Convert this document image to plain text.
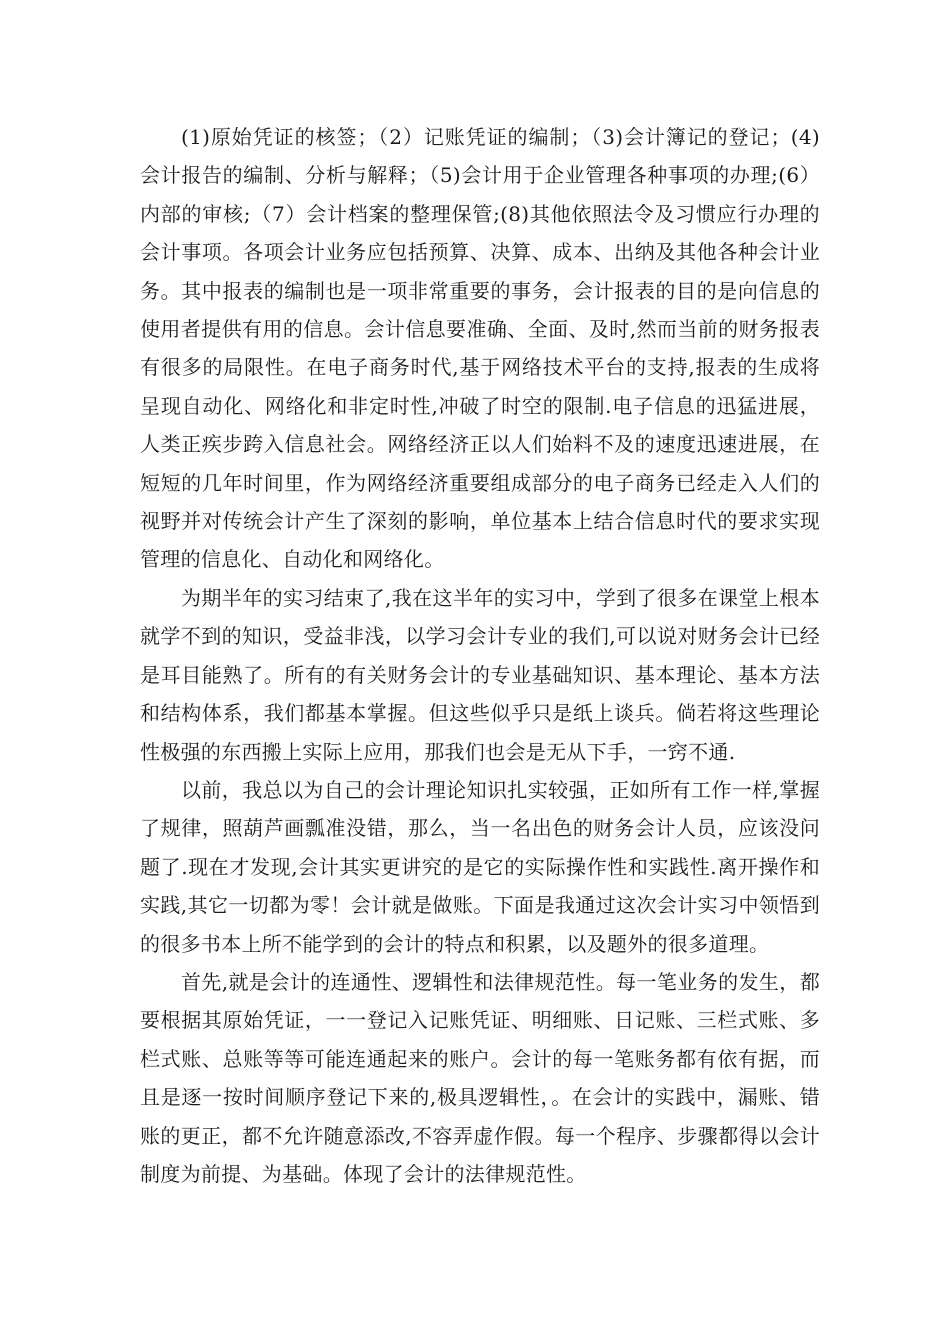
(1)原始凭证的核签；（2）记账凭证的编制；（3)会计簿记的登记；(4)会计报告的编制、分析与解释；（5)会计用于企业管理各种事项的办理;(6）内部的审核;（7）会计档案的整理保管;(8)其他依照法令及习惯应行办理的会计事项。各项会计业务应包括预算、决算、成本、出纳及其他各种会计业务。其中报表的编制也是一项非常重要的事务，会计报表的目的是向信息的使用者提供有用的信息。会计信息要准确、全面、及时,然而当前的财务报表有很多的局限性。在电子商务时代,基于网络技术平台的支持,报表的生成将呈现自动化、网络化和非定时性,冲破了时空的限制.电子信息的迅猛进展，人类正疾步跨入信息社会。网络经济正以人们始料不及的速度迅速进展，在短短的几年时间里，作为网络经济重要组成部分的电子商务已经走入人们的视野并对传统会计产生了深刻的影响，单位基本上结合信息时代的要求实现管理的信息化、自动化和网络化。

为期半年的实习结束了,我在这半年的实习中，学到了很多在课堂上根本就学不到的知识，受益非浅，以学习会计专业的我们,可以说对财务会计已经是耳目能熟了。所有的有关财务会计的专业基础知识、基本理论、基本方法和结构体系，我们都基本掌握。但这些似乎只是纸上谈兵。倘若将这些理论性极强的东西搬上实际上应用，那我们也会是无从下手，一窍不通.

以前，我总以为自己的会计理论知识扎实较强，正如所有工作一样,掌握了规律，照葫芦画瓢准没错，那么，当一名出色的财务会计人员，应该没问题了.现在才发现,会计其实更讲究的是它的实际操作性和实践性.离开操作和实践,其它一切都为零！会计就是做账。下面是我通过这次会计实习中领悟到的很多书本上所不能学到的会计的特点和积累，以及题外的很多道理。

首先,就是会计的连通性、逻辑性和法律规范性。每一笔业务的发生，都要根据其原始凭证，一一登记入记账凭证、明细账、日记账、三栏式账、多栏式账、总账等等可能连通起来的账户。会计的每一笔账务都有依有据，而且是逐一按时间顺序登记下来的,极具逻辑性，。在会计的实践中，漏账、错账的更正，都不允许随意添改,不容弄虚作假。每一个程序、步骤都得以会计制度为前提、为基础。体现了会计的法律规范性。
